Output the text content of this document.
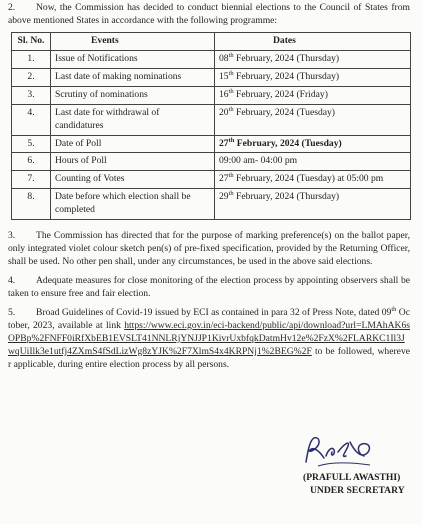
2. Now, the Commission has decided to conduct biennial elections to the Council of States from above mentioned States in accordance with the following programme:

Sl. No.	Events	Dates
1.	Issue of Notifications	08th February, 2024 (Thursday)
2.	Last date of making nominations	15th February, 2024 (Thursday)
3.	Scrutiny of nominations	16th February, 2024 (Friday)
4.	Last date for withdrawal of candidatures	20th February, 2024 (Tuesday)
5.	Date of Poll	27th February, 2024 (Tuesday)
6.	Hours of Poll	09:00 am- 04:00 pm
7.	Counting of Votes	27th February, 2024 (Tuesday) at 05:00 pm
8.	Date before which election shall be completed	29th February, 2024 (Thursday)

3. The Commission has directed that for the purpose of marking preference(s) on the ballot paper, only integrated violet colour sketch pen(s) of pre-fixed specification, provided by the Returning Officer, shall be used. No other pen shall, under any circumstances, be used in the above said elections.

4. Adequate measures for close monitoring of the election process by appointing observers shall be taken to ensure free and fair election.

5. Broad Guidelines of Covid-19 issued by ECI as contained in para 32 of Press Note, dated 09th October, 2023, available at link https://www.eci.gov.in/eci-backend/public/api/download?url=LMAhAK6sOPBp%2FNFF0iRfXbEB1EVSLT41NNLRjYNJJP1KivrUxbfqkDatmHv12e%2FzX%2FLARKC1Il3JwqUiIlk3e1utfj4ZXmS4fSdLizWg8zYJK%2F7XlmS4x4KRPNj1%2BEG%2F to be followed, wherever applicable, during entire election process by all persons.

(PRAFULL AWASTHI)
UNDER SECRETARY
